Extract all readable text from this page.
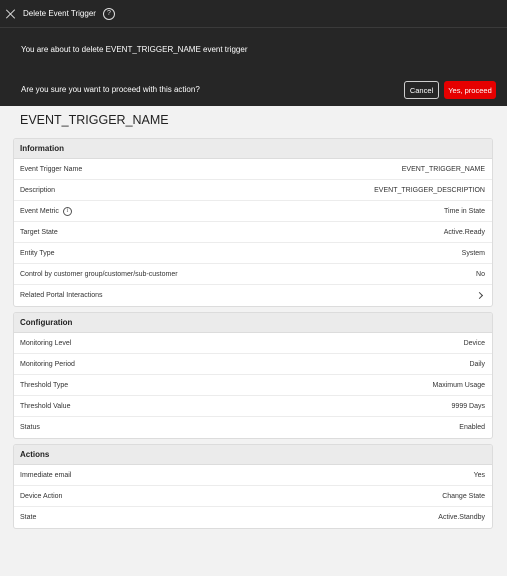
Delete Event Trigger	?
You are about to delete EVENT_TRIGGER_NAME event trigger
Are you sure you want to proceed with this action?	Cancel	Yes, proceed
EVENT_TRIGGER_NAME
Information
Event Trigger Name	EVENT_TRIGGER_NAME
Description	EVENT_TRIGGER_DESCRIPTION
Event Metric	i	Time in State
Target State	Active.Ready
Entity Type	System
Control by customer group/customer/sub-customer	No
Related Portal Interactions
Configuration
Monitoring Level	Device
Monitoring Period	Daily
Threshold Type	Maximum Usage
Threshold Value	9999 Days
Status	Enabled
Actions
Immediate email	Yes
Device Action	Change State
State	Active.Standby
